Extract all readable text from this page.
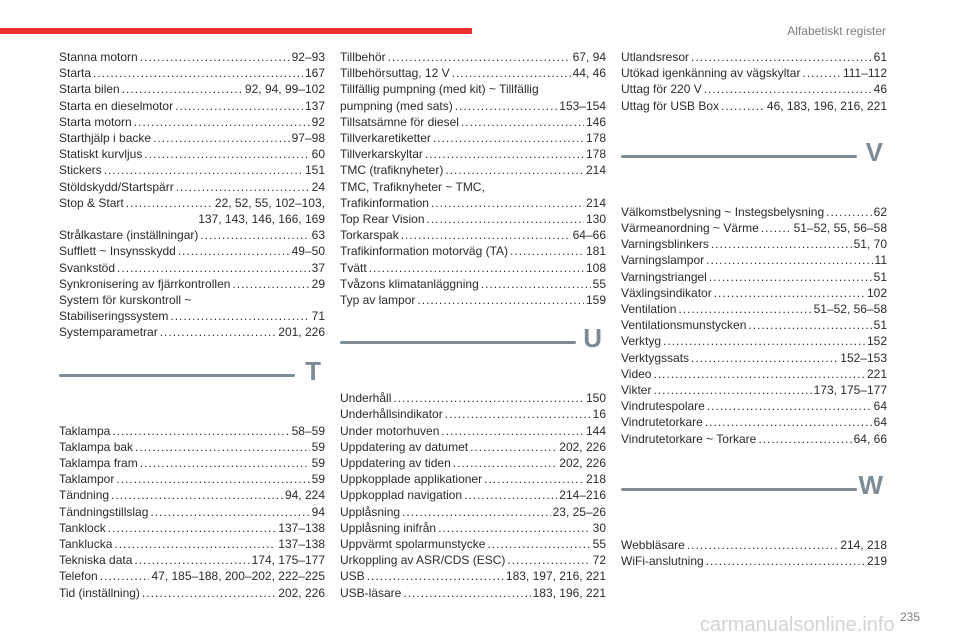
Alfabetiskt register
Stanna motorn .....	92–93
Starta .....	167
Starta bilen .....	92, 94, 99–102
Starta en dieselmotor .....	137
Starta motorn .....	92
Starthjälp i backe .....	97–98
Statiskt kurvljus .....	60
Stickers .....	151
Stöldskydd/Startspärr .....	24
Stop & Start .....	22, 52, 55, 102–103,
137, 143, 146, 166, 169
Strålkastare (inställningar) .....	63
Sufflett ~ Insynsskydd .....	49–50
Svankstöd .....	37
Synkronisering av fjärrkontrollen .....	29
System för kurskontroll ~
Stabiliseringssystem .....	71
Systemparametrar .....	201, 226
T
Taklampa .....	58–59
Taklampa bak .....	59
Taklampa fram .....	59
Taklampor .....	59
Tändning .....	94, 224
Tändningstillslag .....	94
Tanklock .....	137–138
Tanklucka .....	137–138
Tekniska data .....	174, 175–177
Telefon .....	47, 185–188, 200–202, 222–225
Tid (inställning) .....	202, 226
Tillbehör .....	67, 94
Tillbehörsuttag, 12 V .....	44, 46
Tillfällig pumpning (med kit) ~ Tillfällig
pumpning (med sats) .....	153–154
Tillsatsämne för diesel .....	146
Tillverkaretiketter .....	178
Tillverkarskyltar .....	178
TMC (trafiknyheter) .....	214
TMC, Trafiknyheter ~ TMC,
Trafikinformation .....	214
Top Rear Vision .....	130
Torkarspak .....	64–66
Trafikinformation motorväg (TA) .....	181
Tvätt .....	108
Tvåzons klimatanläggning .....	55
Typ av lampor .....	159
U
Underhåll .....	150
Underhållsindikator .....	16
Under motorhuven .....	144
Uppdatering av datumet .....	202, 226
Uppdatering av tiden .....	202, 226
Uppkopplade applikationer .....	218
Uppkopplad navigation .....	214–216
Upplåsning .....	23, 25–26
Upplåsning inifrån .....	30
Uppvärmt spolarmunstycke .....	55
Urkoppling av ASR/CDS (ESC) .....	72
USB .....	183, 197, 216, 221
USB-läsare .....	183, 196, 221
Utlandsresor .....	61
Utökad igenkänning av vägskyltar .....	111–112
Uttag för 220 V .....	46
Uttag för USB Box .....	46, 183, 196, 216, 221
V
Välkomstbelysning ~ Instegsbelysning .....	62
Värmeanordning ~ Värme .....	51–52, 55, 56–58
Varningsblinkers .....	51, 70
Varningslampor .....	11
Varningstriangel .....	51
Växlingsindikator .....	102
Ventilation .....	51–52, 56–58
Ventilationsmunstycken .....	51
Verktyg .....	152
Verktygssats .....	152–153
Video .....	221
Vikter .....	173, 175–177
Vindrutespolare .....	64
Vindrutetorkare .....	64
Vindrutetorkare ~ Torkare .....	64, 66
W
Webbläsare .....	214, 218
WiFi-anslutning .....	219
235
carmanualsonline.info
